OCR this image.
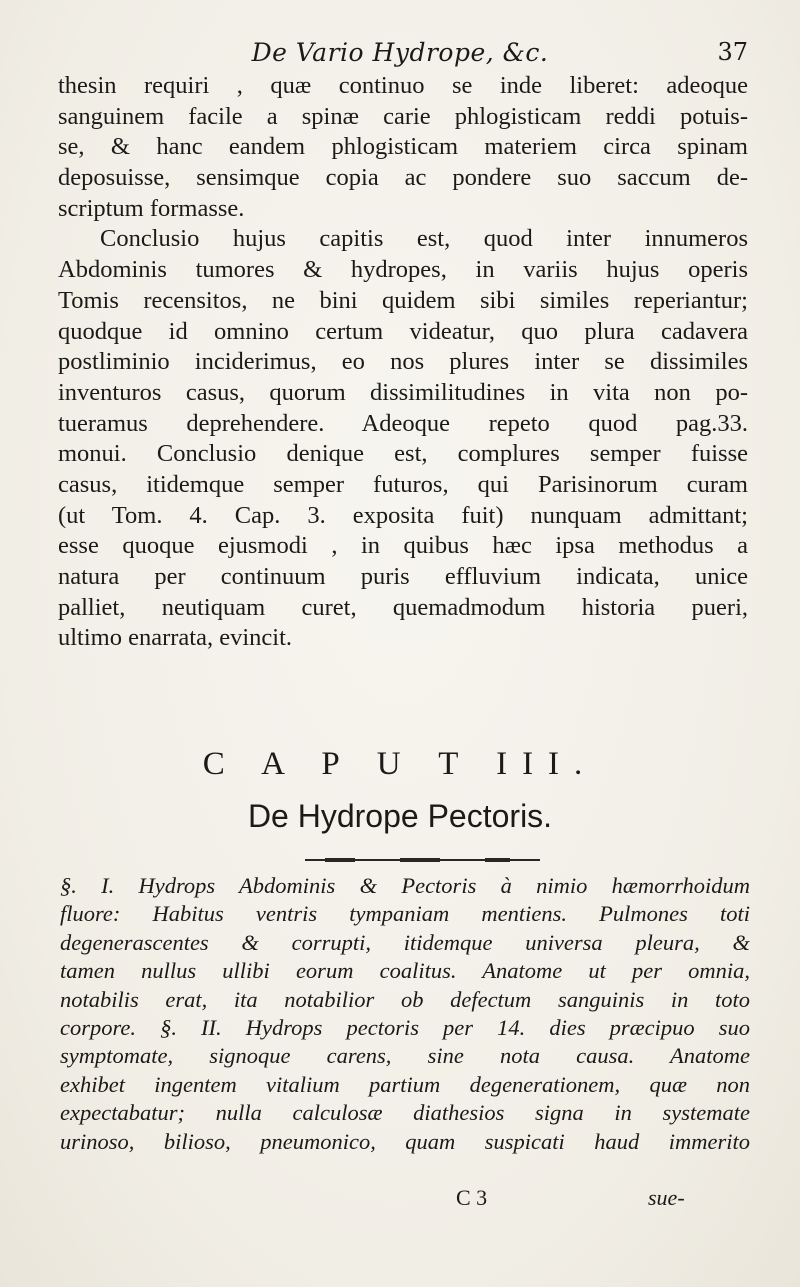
De Vario Hydrope, &c.	37
thesin requiri , quæ continuo se inde liberet: adeoque
sanguinem facile a spinæ carie phlogisticam reddi potuis-
se, & hanc eandem phlogisticam materiem circa spinam
deposuisse, sensimque copia ac pondere suo saccum de-
scriptum formasse.
Conclusio hujus capitis est, quod inter innumeros
Abdominis tumores & hydropes, in variis hujus operis
Tomis recensitos, ne bini quidem sibi similes reperiantur;
quodque id omnino certum videatur, quo plura cadavera
postliminio inciderimus, eo nos plures inter se dissimiles
inventuros casus, quorum dissimilitudines in vita non po-
tueramus deprehendere. Adeoque repeto quod pag.33.
monui. Conclusio denique est, complures semper fuisse
casus, itidemque semper futuros, qui Parisinorum curam
(ut Tom. 4. Cap. 3. exposita fuit) nunquam admittant;
esse quoque ejusmodi , in quibus hæc ipsa methodus a
natura per continuum puris effluvium indicata, unice
palliet, neutiquam curet, quemadmodum historia pueri,
ultimo enarrata, evincit.
C A P U T III.
De Hydrope Pectoris.
§. I. Hydrops Abdominis & Pectoris à nimio hæmorrhoidum
fluore: Habitus ventris tympaniam mentiens. Pulmones toti
degenerascentes & corrupti, itidemque universa pleura, &
tamen nullus ullibi eorum coalitus. Anatome ut per omnia,
notabilis erat, ita notabilior ob defectum sanguinis in toto
corpore. §. II. Hydrops pectoris per 14. dies præcipuo suo
symptomate, signoque carens, sine nota causa. Anatome
exhibet ingentem vitalium partium degenerationem, quæ non
expectabatur; nulla calculosæ diathesios signa in systemate
urinoso, bilioso, pneumonico, quam suspicati haud immerito
C 3	sue-
